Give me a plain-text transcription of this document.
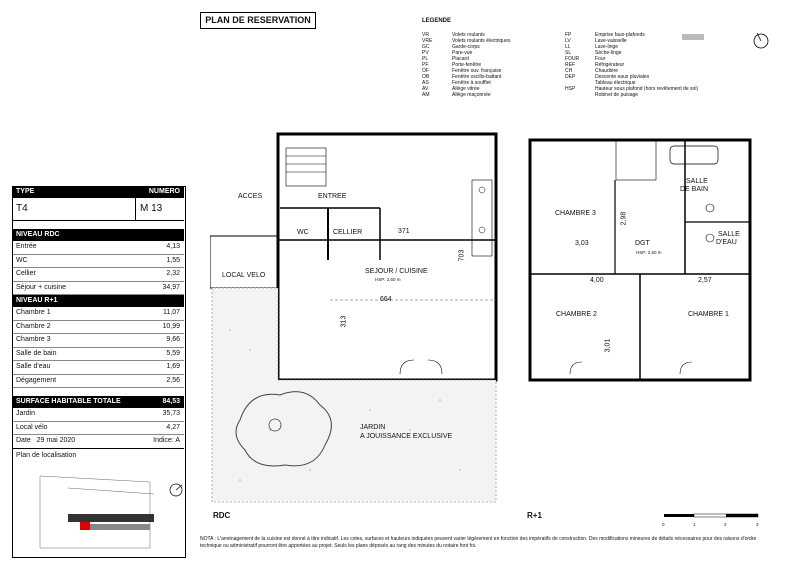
PLAN DE RESERVATION	LEGENDE
VR	Volets roulants
VRE	Volets roulants électriques
GC	Garde-corps
PV	Pare-vue
PL	Placard
PF	Porte-fenêtre
OF	Fenêtre ouv. française
OB	Fenêtre oscillo-battant
AS	Fenêtre à soufflet
AV	Allège vitrée
AM	Allège maçonnée
FP	Emprise faux-plafonds
LV	Lave-vaisselle
LL	Lave-linge
SL	Sèche-linge
FOUR	Four
REF	Réfrigérateur
CH	Chaudière
DEP	Descente eaux pluviales
Tableau électrique
HSP	Hauteur sous plafond (hors revêtement de sol)
Robinet de puisage
TYPE	NUMERO
T4	M 13
NIVEAU RDC
Entrée	4,13
WC	1,55
Cellier	2,32
Séjour + cuisine	34,97
NIVEAU R+1
Chambre 1	11,07
Chambre 2	10,99
Chambre 3	9,66
Salle de bain	5,59
Salle d'eau	1,69
Dégagement	2,56
SURFACE HABITABLE TOTALE	84,53
Jardin	35,73
Local vélo	4,27
Date 29 mai 2020	Indice: A
Plan de localisation
ACCES	ENTREE
WC	CELLIER
LOCAL VELO
SEJOUR / CUISINE
HSP: 2,50 m
371
703
664
313
JARDIN
A JOUISSANCE EXCLUSIVE
RDC
CHAMBRE 3
CHAMBRE 2	CHAMBRE 1
SALLE
DE BAIN
SALLE
D'EAU
DGT
HSP: 2,50 m
2,98
3,03
4,00	2,57
3,01
R+1
0	1	2	3
NOTA : L'aménagement de la cuisine est donné à titre indicatif. Les cotes, surfaces et hauteurs indiquées peuvent varier légèrement en fonction des impératifs de construction. Des modifications mineures de détails nécessaires pour des raisons d'ordre technique ou administratif pourront être apportées au projet. Seuls les plans déposés au rang des minutes du notaire font foi.
